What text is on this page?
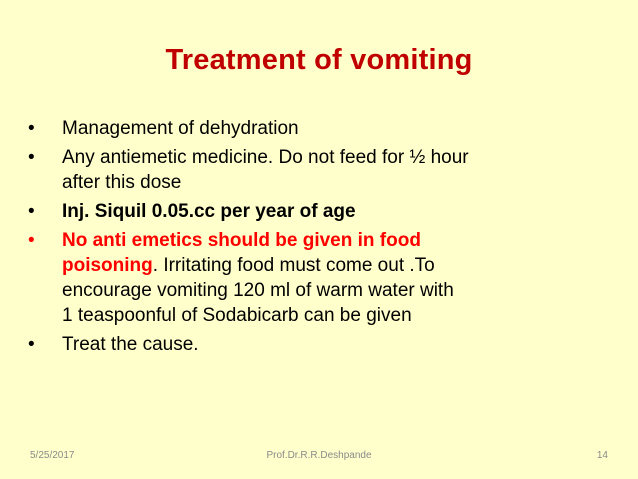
Treatment of vomiting
•	Management of dehydration
•	Any antiemetic medicine. Do not feed for ½ hour
after this dose
•	Inj. Siquil 0.05.cc per year of age
•	No anti emetics should be given in food
poisoning. Irritating food must come out .To
encourage vomiting 120 ml of warm water with
1 teaspoonful of Sodabicarb can be given
•	Treat the cause.
5/25/2017	Prof.Dr.R.R.Deshpande	14
